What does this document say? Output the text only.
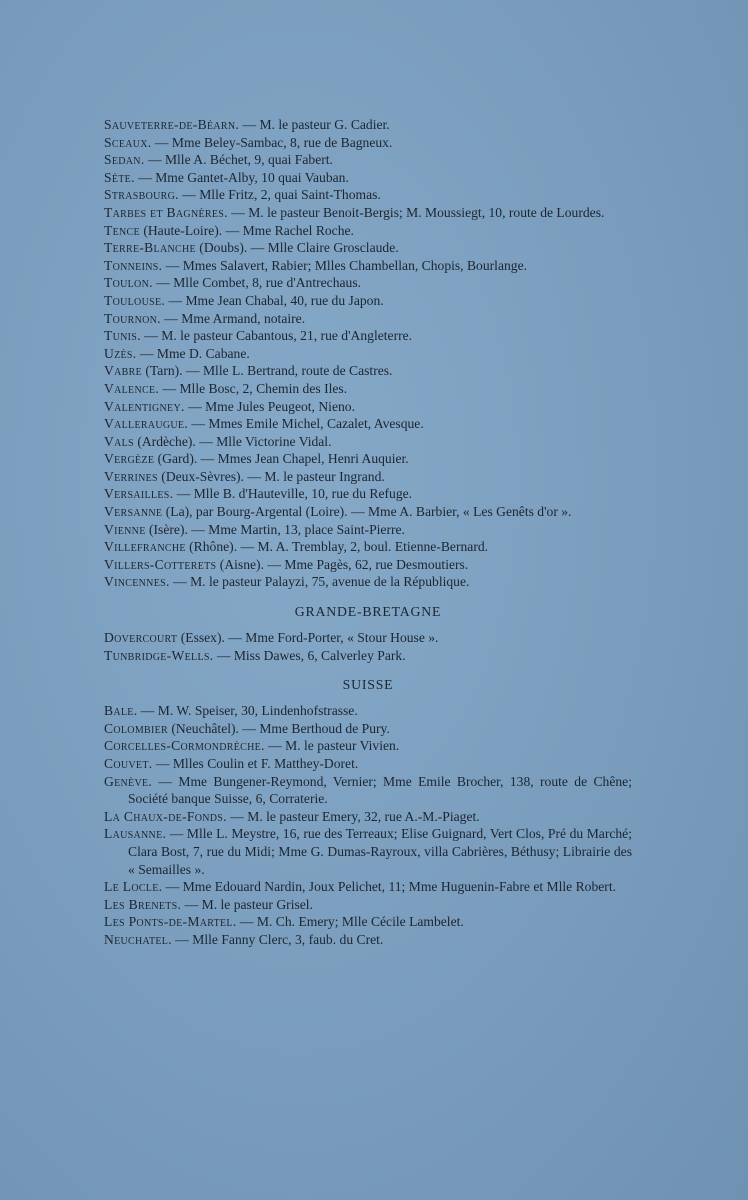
Sauveterre-de-Béarn. — M. le pasteur G. Cadier.

Sceaux. — Mme Beley-Sambac, 8, rue de Bagneux.

Sedan. — Mlle A. Béchet, 9, quai Fabert.

Sète. — Mme Gantet-Alby, 10 quai Vauban.

Strasbourg. — Mlle Fritz, 2, quai Saint-Thomas.

Tarbes et Bagnères. — M. le pasteur Benoit-Bergis; M. Moussiegt, 10, route de Lourdes.

Tence (Haute-Loire). — Mme Rachel Roche.

Terre-Blanche (Doubs). — Mlle Claire Grosclaude.

Tonneins. — Mmes Salavert, Rabier; Mlles Chambellan, Chopis, Bourlange.

Toulon. — Mlle Combet, 8, rue d'Antrechaus.

Toulouse. — Mme Jean Chabal, 40, rue du Japon.

Tournon. — Mme Armand, notaire.

Tunis. — M. le pasteur Cabantous, 21, rue d'Angleterre.

Uzès. — Mme D. Cabane.

Vabre (Tarn). — Mlle L. Bertrand, route de Castres.

Valence. — Mlle Bosc, 2, Chemin des Iles.

Valentigney. — Mme Jules Peugeot, Nieno.

Valleraugue. — Mmes Emile Michel, Cazalet, Avesque.

Vals (Ardèche). — Mlle Victorine Vidal.

Vergèze (Gard). — Mmes Jean Chapel, Henri Auquier.

Verrines (Deux-Sèvres). — M. le pasteur Ingrand.

Versailles. — Mlle B. d'Hauteville, 10, rue du Refuge.

Versanne (La), par Bourg-Argental (Loire). — Mme A. Barbier, « Les Genêts d'or ».

Vienne (Isère). — Mme Martin, 13, place Saint-Pierre.

Villefranche (Rhône). — M. A. Tremblay, 2, boul. Etienne-Bernard.

Villers-Cotterets (Aisne). — Mme Pagès, 62, rue Desmoutiers.

Vincennes. — M. le pasteur Palayzi, 75, avenue de la République.

GRANDE-BRETAGNE

Dovercourt (Essex). — Mme Ford-Porter, « Stour House ».

Tunbridge-Wells. — Miss Dawes, 6, Calverley Park.

SUISSE

Bale. — M. W. Speiser, 30, Lindenhofstrasse.

Colombier (Neuchâtel). — Mme Berthoud de Pury.

Corcelles-Cormondrèche. — M. le pasteur Vivien.

Couvet. — Mlles Coulin et F. Matthey-Doret.

Genève. — Mme Bungener-Reymond, Vernier; Mme Emile Brocher, 138, route de Chêne; Société banque Suisse, 6, Corraterie.

La Chaux-de-Fonds. — M. le pasteur Emery, 32, rue A.-M.-Piaget.

Lausanne. — Mlle L. Meystre, 16, rue des Terreaux; Elise Guignard, Vert Clos, Pré du Marché; Clara Bost, 7, rue du Midi; Mme G. Dumas-Rayroux, villa Cabrières, Béthusy; Librairie des « Semailles ».

Le Locle. — Mme Edouard Nardin, Joux Pelichet, 11; Mme Huguenin-Fabre et Mlle Robert.

Les Brenets. — M. le pasteur Grisel.

Les Ponts-de-Martel. — M. Ch. Emery; Mlle Cécile Lambelet.

Neuchatel. — Mlle Fanny Clerc, 3, faub. du Cret.
